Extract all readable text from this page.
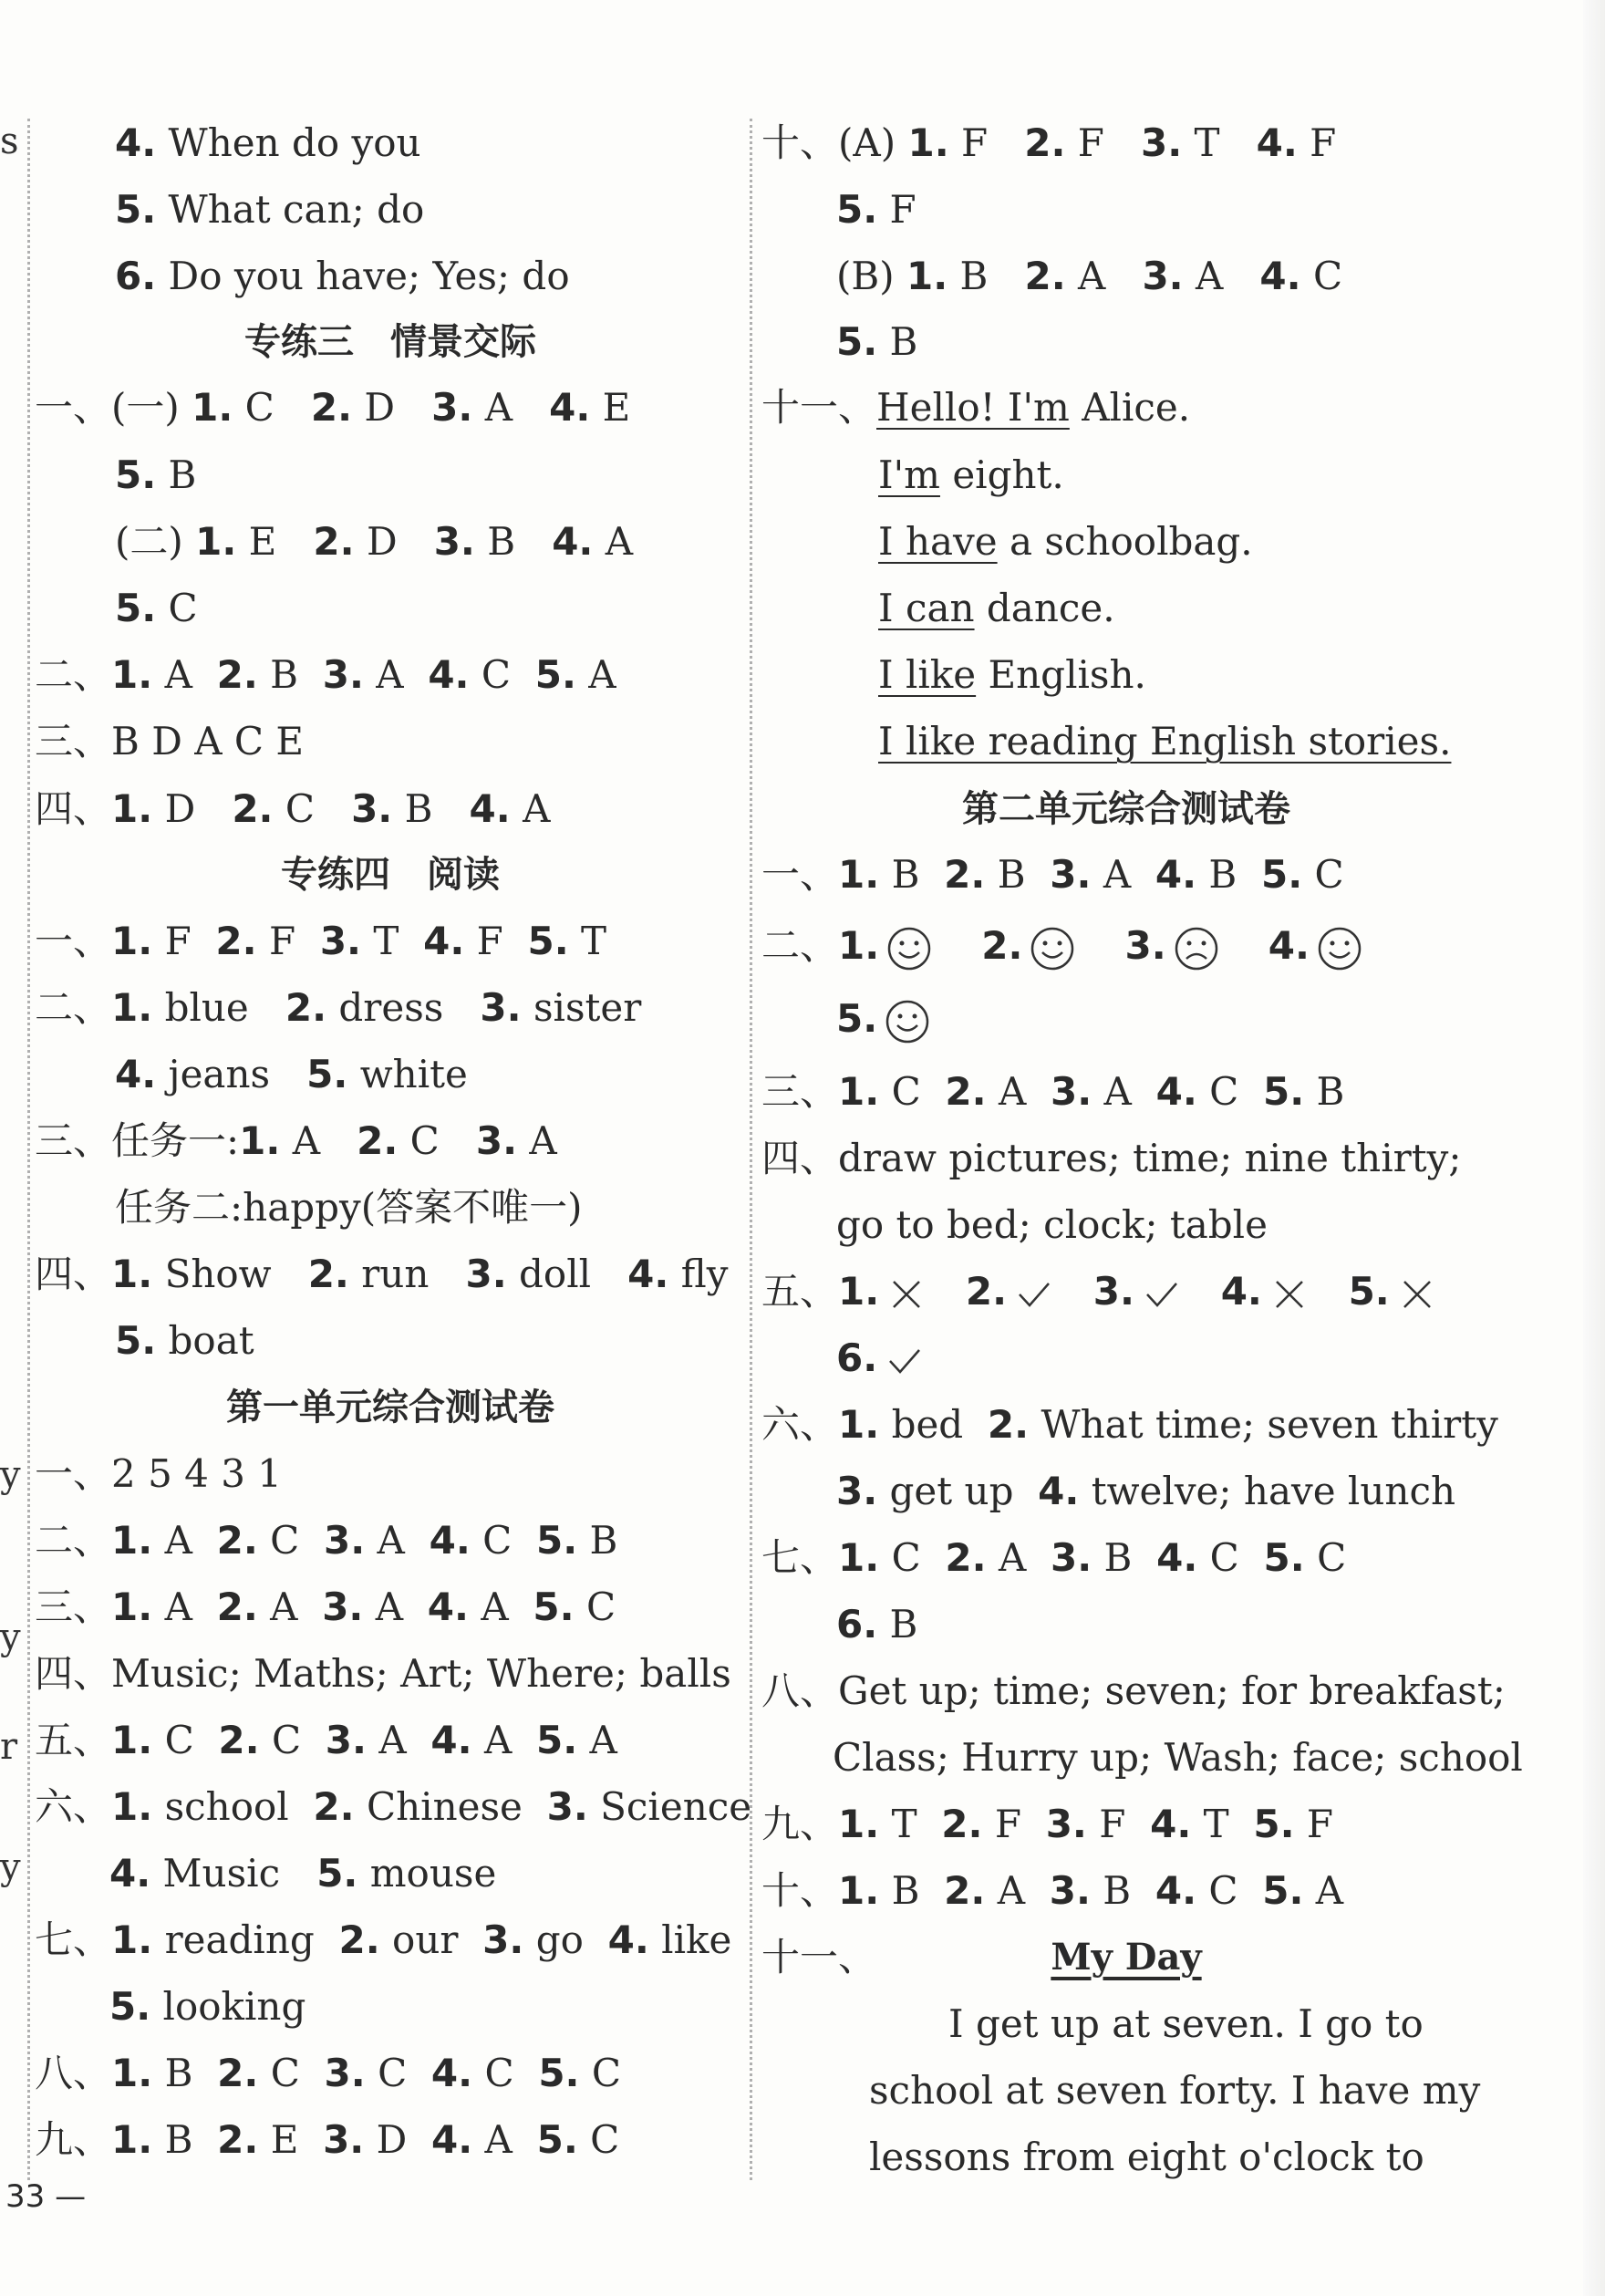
s
y
y
r
y
4. When do you
5. What can; do
6. Do you have; Yes; do
专练三　情景交际
一、(一) 1. C 2. D 3. A 4. E
5. B
(二) 1. E 2. D 3. B 4. A
5. C
二、1. A 2. B 3. A 4. C 5. A
三、B D A C E
四、1. D 2. C 3. B 4. A
专练四　阅读
一、1. F 2. F 3. T 4. F 5. T
二、1. blue 2. dress 3. sister
4. jeans 5. white
三、任务一:1. A 2. C 3. A
任务二:happy(答案不唯一)
四、1. Show 2. run 3. doll 4. fly
5. boat
第一单元综合测试卷
一、2 5 4 3 1
二、1. A 2. C 3. A 4. C 5. B
三、1. A 2. A 3. A 4. A 5. C
四、Music; Maths; Art; Where; balls
五、1. C 2. C 3. A 4. A 5. A
六、1. school 2. Chinese 3. Science
4. Music 5. mouse
七、1. reading 2. our 3. go 4. like
5. looking
八、1. B 2. C 3. C 4. C 5. C
九、1. B 2. E 3. D 4. A 5. C
十、(A) 1. F 2. F 3. T 4. F
5. F
(B) 1. B 2. A 3. A 4. C
5. B
十一、Hello! I'm Alice.
I'm eight.
I have a schoolbag.
I can dance.
I like English.
I like reading English stories.
第二单元综合测试卷
一、1. B 2. B 3. A 4. B 5. C
二、1.	2.	3.	4.
5.
三、1. C 2. A 3. A 4. C 5. B
四、draw pictures; time; nine thirty;
go to bed; clock; table
五、1. 2. 3. 4. 5.
6.
六、1. bed 2. What time; seven thirty
3. get up 4. twelve; have lunch
七、1. C 2. A 3. B 4. C 5. C
6. B
八、Get up; time; seven; for breakfast;
Class; Hurry up; Wash; face; school
九、1. T 2. F 3. F 4. T 5. F
十、1. B 2. A 3. B 4. C 5. A
十一、	My Day
I get up at seven. I go to
school at seven forty. I have my
lessons from eight o'clock to
33 —
